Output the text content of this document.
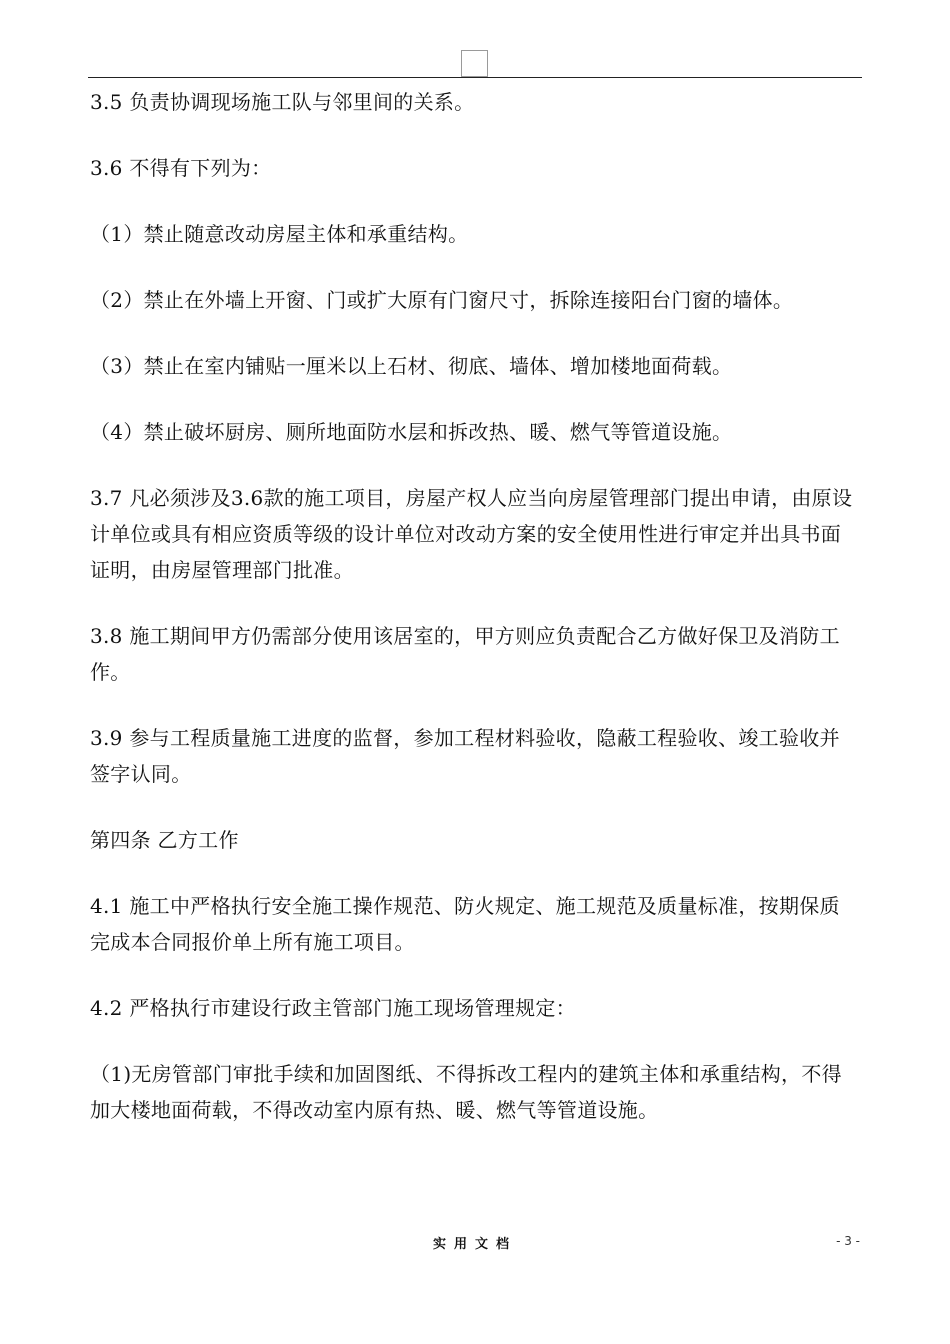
3.5 负责协调现场施工队与邻里间的关系。

3.6 不得有下列为：

（1）禁止随意改动房屋主体和承重结构。

（2）禁止在外墙上开窗、门或扩大原有门窗尺寸，拆除连接阳台门窗的墙体。

（3）禁止在室内铺贴一厘米以上石材、彻底、墙体、增加楼地面荷载。

（4）禁止破坏厨房、厕所地面防水层和拆改热、暖、燃气等管道设施。

3.7 凡必须涉及3.6款的施工项目，房屋产权人应当向房屋管理部门提出申请，由原设计单位或具有相应资质等级的设计单位对改动方案的安全使用性进行审定并出具书面证明，由房屋管理部门批准。

3.8 施工期间甲方仍需部分使用该居室的，甲方则应负责配合乙方做好保卫及消防工作。

3.9 参与工程质量施工进度的监督，参加工程材料验收，隐蔽工程验收、竣工验收并签字认同。

第四条 乙方工作

4.1 施工中严格执行安全施工操作规范、防火规定、施工规范及质量标准，按期保质完成本合同报价单上所有施工项目。

4.2 严格执行市建设行政主管部门施工现场管理规定：

（1)无房管部门审批手续和加固图纸、不得拆改工程内的建筑主体和承重结构，不得加大楼地面荷载，不得改动室内原有热、暖、燃气等管道设施。

实用文档	- 3 -
